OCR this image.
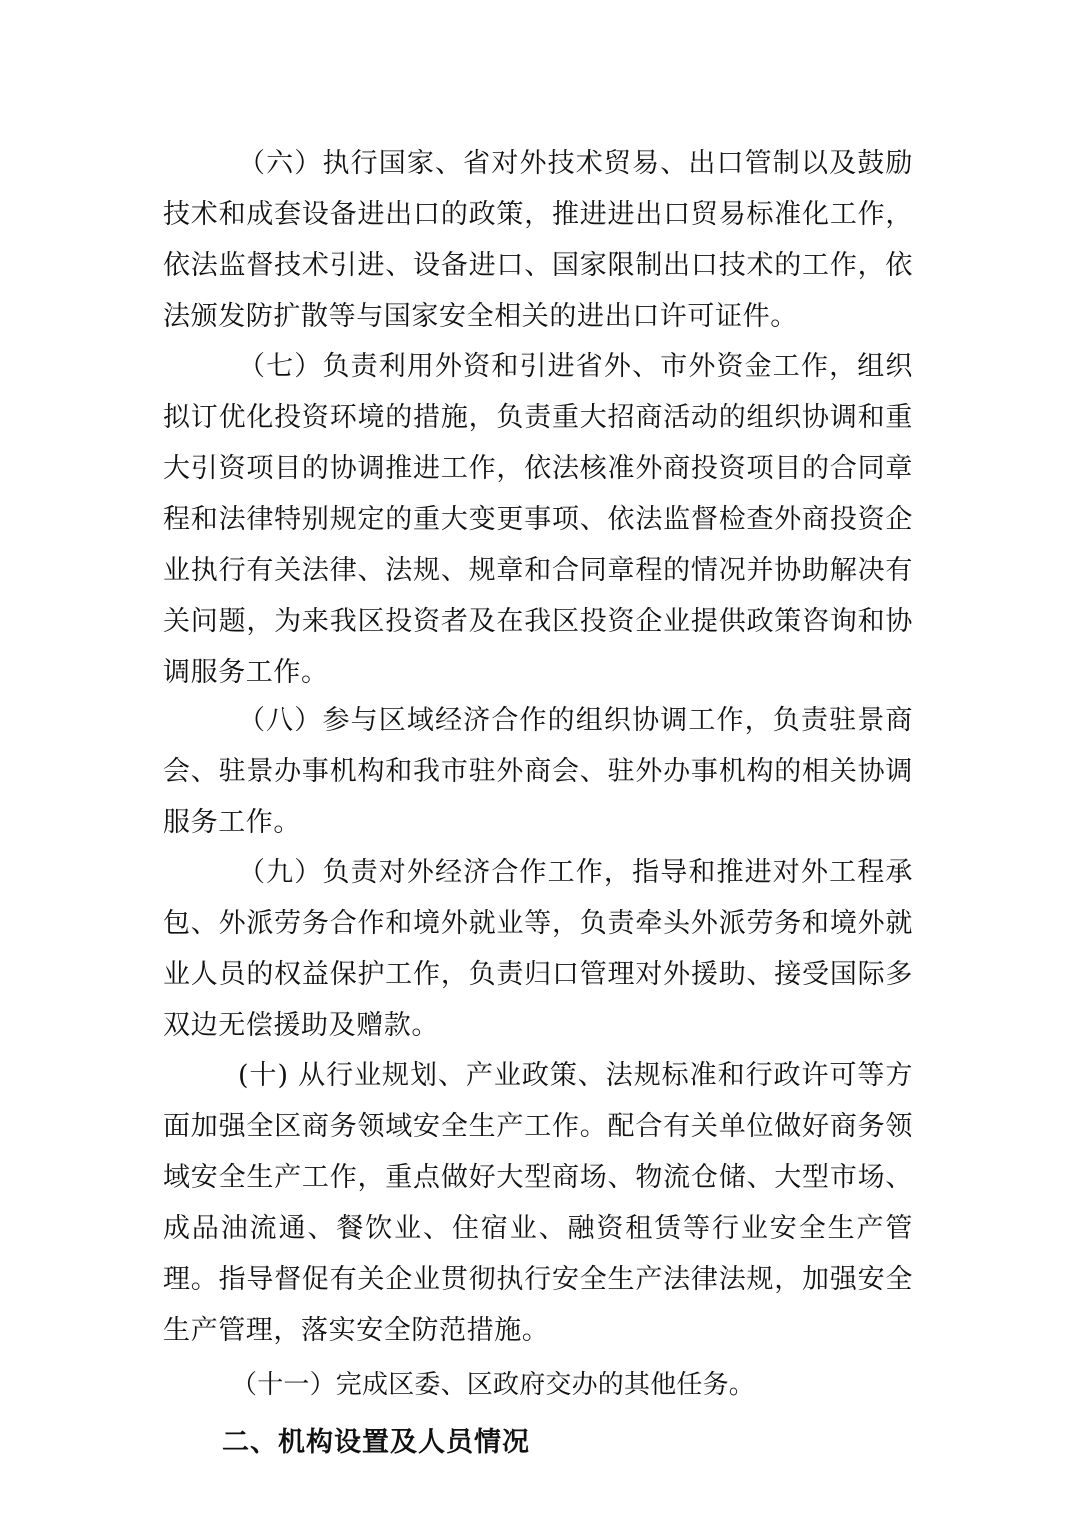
（六）执行国家、省对外技术贸易、出口管制以及鼓励技术和成套设备进出口的政策，推进进出口贸易标准化工作，依法监督技术引进、设备进口、国家限制出口技术的工作，依法颁发防扩散等与国家安全相关的进出口许可证件。

（七）负责利用外资和引进省外、市外资金工作，组织拟订优化投资环境的措施，负责重大招商活动的组织协调和重大引资项目的协调推进工作，依法核准外商投资项目的合同章程和法律特别规定的重大变更事项、依法监督检查外商投资企业执行有关法律、法规、规章和合同章程的情况并协助解决有关问题，为来我区投资者及在我区投资企业提供政策咨询和协调服务工作。

（八）参与区域经济合作的组织协调工作，负责驻景商会、驻景办事机构和我市驻外商会、驻外办事机构的相关协调服务工作。

（九）负责对外经济合作工作，指导和推进对外工程承包、外派劳务合作和境外就业等，负责牵头外派劳务和境外就业人员的权益保护工作，负责归口管理对外援助、接受国际多双边无偿援助及赠款。

(十) 从行业规划、产业政策、法规标准和行政许可等方面加强全区商务领域安全生产工作。配合有关单位做好商务领域安全生产工作，重点做好大型商场、物流仓储、大型市场、成品油流通、餐饮业、住宿业、融资租赁等行业安全生产管理。指导督促有关企业贯彻执行安全生产法律法规，加强安全生产管理，落实安全防范措施。

（十一）完成区委、区政府交办的其他任务。

二、机构设置及人员情况
